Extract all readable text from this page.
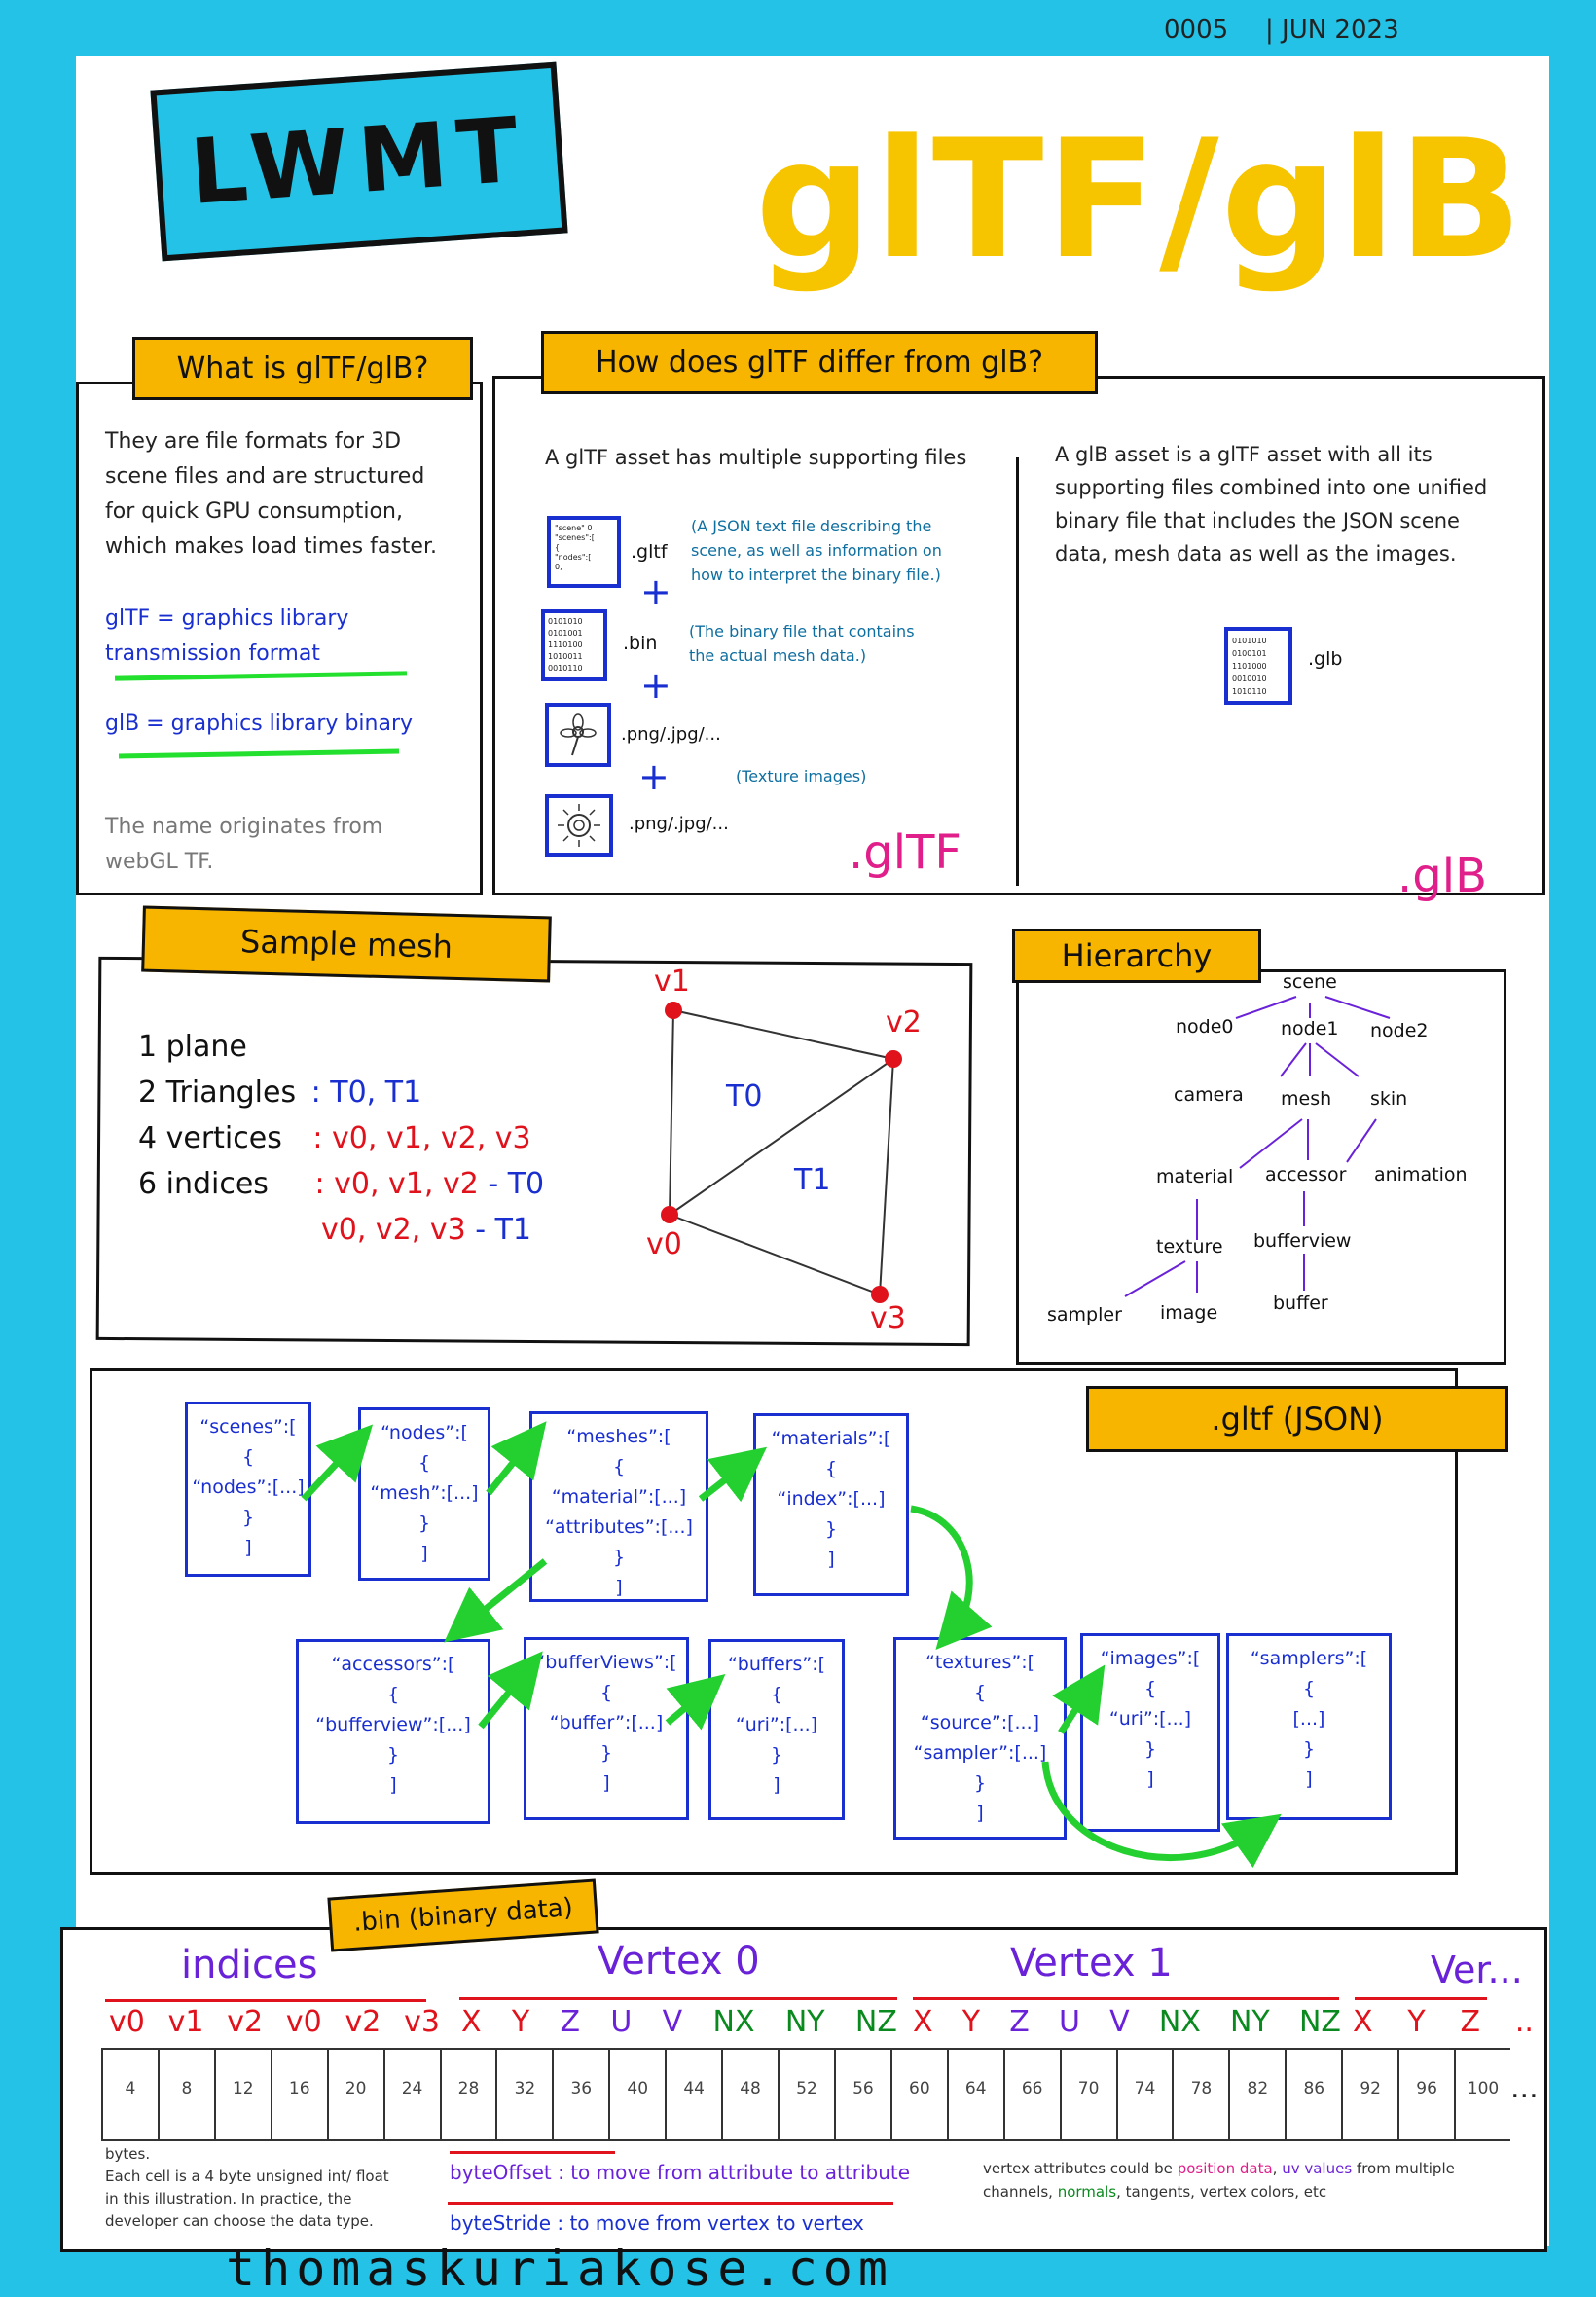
0005 | JUN 2023
LWMT glTF/glB
What is glTF/glB?
They are file formats for 3D
scene files and are structured
for quick GPU consumption,
which makes load times faster.
glTF = graphics library
transmission format
glB = graphics library binary
The name originates from
webGL TF.
How does glTF differ from glB?
A glTF asset has multiple supporting files
"scene" 0
"scenes":[
{
"nodes":[
0,
.gltf
(A JSON text file describing the
scene, as well as information on
how to interpret the binary file.)
+
0101010
0101001
1110100
1010011
0010110
.bin
(The binary file that contains
the actual mesh data.)
+
.png/.jpg/...
+	(Texture images)
.png/.jpg/...
.glTF
A glB asset is a glTF asset with all its
supporting files combined into one unified
binary file that includes the JSON scene
data, mesh data as well as the images.
0101010
0100101
1101000
0010010
1010110
.glb
.glB
Sample mesh
1 plane
2 Triangles : T0, T1
4 vertices : v0, v1, v2, v3
6 indices : v0, v1, v2 - T0
v0, v2, v3 - T1
v1
v2
v0
v3
T0
T1
Hierarchy
scene
node0	node1 node2
camera mesh skin
material accessor animation
texture bufferview
sampler image	buffer
.gltf (JSON)
“scenes”:[
{
“nodes”:[...]
}
]
“nodes”:[
{
“mesh”:[...]
}
]
“meshes”:[
{
“material”:[...]
“attributes”:[...]
}
]
“materials”:[
{
“index”:[...]
}
]
“accessors”:[
{
“bufferview”:[...]
}
]
“bufferViews”:[
{
“buffer”:[...]
}
]
“buffers”:[
{
“uri”:[...]
}
]
“textures”:[
{
“source”:[...]
“sampler”:[...]
}
]
“images”:[
{
“uri”:[...]
}
]
“samplers”:[
{
[...]
}
]
.bin (binary data)
indices	Vertex 0	Vertex 1	Ver...
v0 v1 v2 v0 v2 v3 X Y Z U V NX NY NZ X Y Z U V NX NY NZ X Y Z ..
4	8	12	16	20	24	28	32	36	40	44	48	52	56	60	64	66	70	74	78	82	86	92	96	100 ...
bytes.
Each cell is a 4 byte unsigned int/ float
in this illustration. In practice, the
developer can choose the data type.
byteOffset : to move from attribute to attribute
byteStride : to move from vertex to vertex
vertex attributes could be position data, uv values from multiple
channels, normals, tangents, vertex colors, etc
thomaskuriakose.com
